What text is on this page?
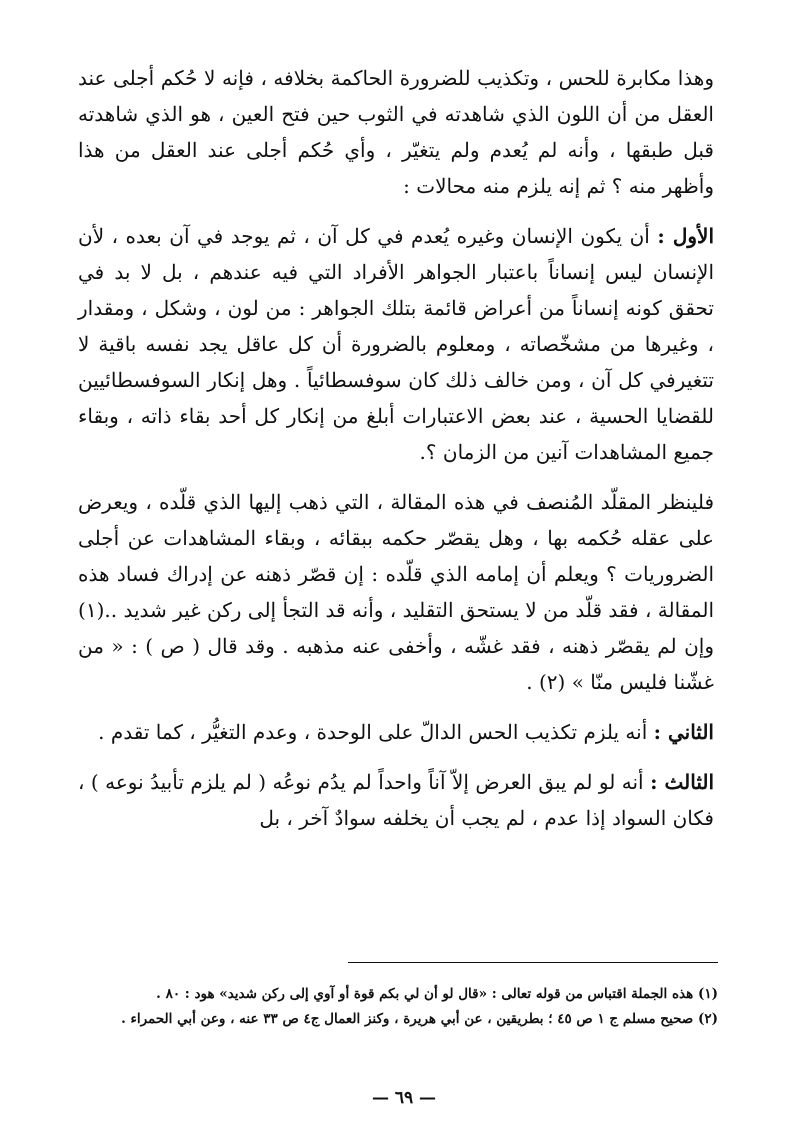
وهذا مكابرة للحس ، وتكذيب للضرورة الحاكمة بخلافه ، فإنه لا حُكم أجلى عند العقل من أن اللون الذي شاهدته في الثوب حين فتح العين ، هو الذي شاهدته قبل طبقها ، وأنه لم يُعدم ولم يتغيّر ، وأي حُكم أجلى عند العقل من هذا وأظهر منه ؟ ثم إنه يلزم منه محالات :

الأول : أن يكون الإنسان وغيره يُعدم في كل آن ، ثم يوجد في آن بعده ، لأن الإنسان ليس إنساناً باعتبار الجواهر الأفراد التي فيه عندهم ، بل لا بد في تحقق كونه إنساناً من أعراض قائمة بتلك الجواهر : من لون ، وشكل ، ومقدار ، وغيرها من مشخّصاته ، ومعلوم بالضرورة أن كل عاقل يجد نفسه باقية لا تتغيرفي كل آن ، ومن خالف ذلك كان سوفسطائياً . وهل إنكار السوفسطائيين للقضايا الحسية ، عند بعض الاعتبارات أبلغ من إنكار كل أحد بقاء ذاته ، وبقاء جميع المشاهدات آنين من الزمان ؟.

فلينظر المقلّد المُنصف في هذه المقالة ، التي ذهب إليها الذي قلّده ، ويعرض على عقله حُكمه بها ، وهل يقصّر حكمه ببقائه ، وبقاء المشاهدات عن أجلى الضروريات ؟ ويعلم أن إمامه الذي قلّده : إن قصّر ذهنه عن إدراك فساد هذه المقالة ، فقد قلّد من لا يستحق التقليد ، وأنه قد التجأ إلى ركن غير شديد ..(١) وإن لم يقصّر ذهنه ، فقد غشّه ، وأخفى عنه مذهبه . وقد قال ( ص ) : « من غشّنا فليس منّا » (٢) .

الثاني : أنه يلزم تكذيب الحس الدالّ على الوحدة ، وعدم التغيُّر ، كما تقدم .

الثالث : أنه لو لم يبق العرض إلاّ آناً واحداً لم يدُم نوعُه ( لم يلزم تأبيدُ نوعه ) ، فكان السواد إذا عدم ، لم يجب أن يخلفه سوادٌ آخر ، بل

(١) هذه الجملة اقتباس من قوله تعالى : «قال لو أن لي بكم قوة أو آوي إلى ركن شديد» هود : ٨٠ .

(٢) صحيح مسلم ج ١ ص ٤٥ ؛ بطريقين ، عن أبي هريرة ، وكنز العمال ج٤ ص ٣٣ عنه ، وعن أبي الحمراء .

— ٦٩ —
